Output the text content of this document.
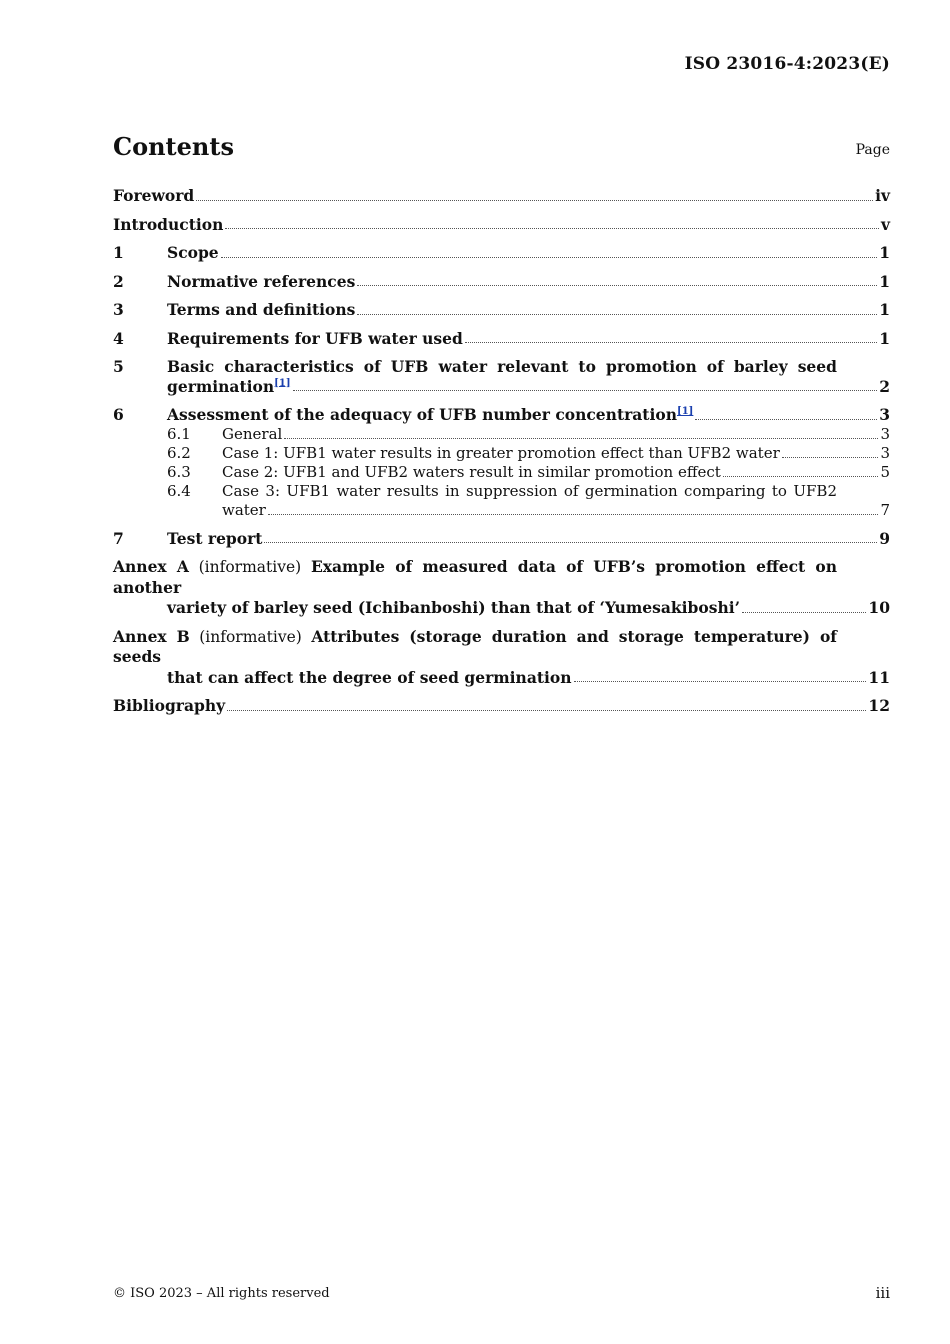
ISO 23016-4:2023(E)
Contents	Page
Foreword	iv
Introduction	v
1	Scope	1
2	Normative references	1
3	Terms and definitions	1
4	Requirements for UFB water used	1
5	Basic characteristics of UFB water relevant to promotion of barley seed
germination[1]	2
6	Assessment of the adequacy of UFB number concentration[1]	3
6.1	General	3
6.2	Case 1: UFB1 water results in greater promotion effect than UFB2 water	3
6.3	Case 2: UFB1 and UFB2 waters result in similar promotion effect	5
6.4	Case 3: UFB1 water results in suppression of germination comparing to UFB2
water	7
7	Test report	9
Annex A (informative) Example of measured data of UFB’s promotion effect on another
variety of barley seed (Ichibanboshi) than that of ‘Yumesakiboshi’	10
Annex B (informative) Attributes (storage duration and storage temperature) of seeds
that can affect the degree of seed germination	11
Bibliography	12
© ISO 2023 – All rights reserved	iii
